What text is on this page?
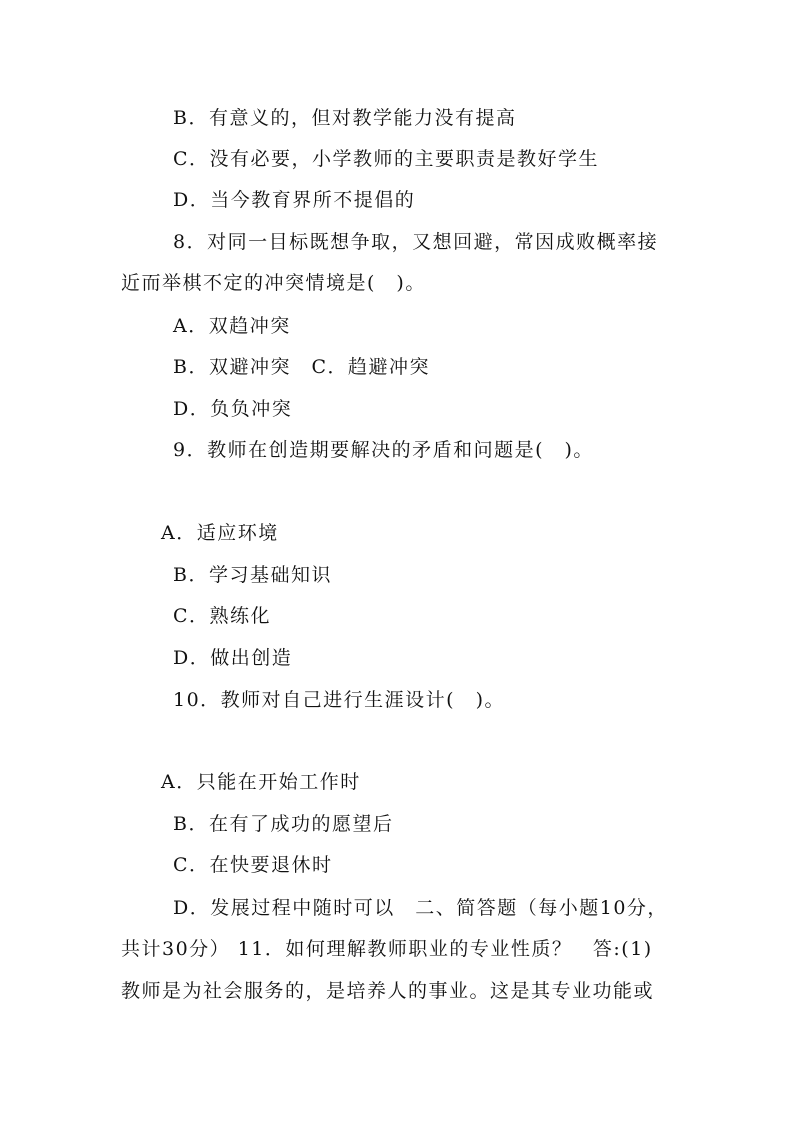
B．有意义的，但对教学能力没有提高
C．没有必要，小学教师的主要职责是教好学生
D．当今教育界所不提倡的
8．对同一目标既想争取，又想回避，常因成败概率接
近而举棋不定的冲突情境是(　)。
A．双趋冲突
B．双避冲突　C．趋避冲突
D．负负冲突
9．教师在创造期要解决的矛盾和问题是(　)。
A．适应环境
B．学习基础知识
C．熟练化
D．做出创造
10．教师对自己进行生涯设计(　)。
A．只能在开始工作时
B．在有了成功的愿望后
C．在快要退休时
D．发展过程中随时可以　二、简答题（每小题10分，
共计30分） 11．如何理解教师职业的专业性质？　答:(1)
教师是为社会服务的，是培养人的事业。这是其专业功能或
